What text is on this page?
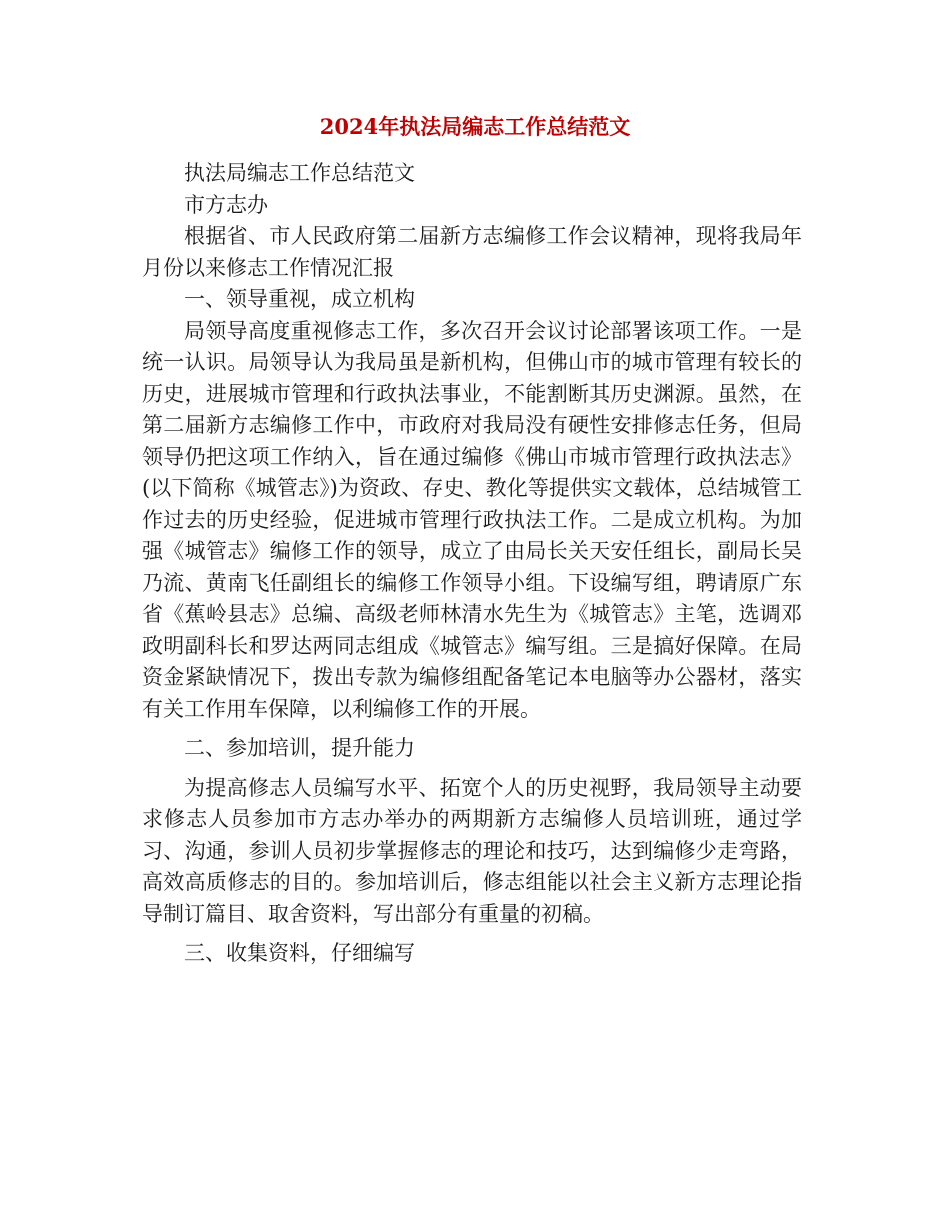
2024年执法局编志工作总结范文

执法局编志工作总结范文

市方志办

根据省、市人民政府第二届新方志编修工作会议精神，现将我局年 月份以来修志工作情况汇报

一、领导重视，成立机构

局领导高度重视修志工作，多次召开会议讨论部署该项工作。一是统一认识。局领导认为我局虽是新机构，但佛山市的城市管理有较长的历史，进展城市管理和行政执法事业，不能割断其历史渊源。虽然，在第二届新方志编修工作中，市政府对我局没有硬性安排修志任务，但局领导仍把这项工作纳入，旨在通过编修《佛山市城市管理行政执法志》(以下简称《城管志》)为资政、存史、教化等提供实文载体，总结城管工作过去的历史经验，促进城市管理行政执法工作。二是成立机构。为加强《城管志》编修工作的领导，成立了由局长关天安任组长，副局长吴乃流、黄南飞任副组长的编修工作领导小组。下设编写组，聘请原广东省《蕉岭县志》总编、高级老师林清水先生为《城管志》主笔，选调邓政明副科长和罗达两同志组成《城管志》编写组。三是搞好保障。在局资金紧缺情况下，拨出专款为编修组配备笔记本电脑等办公器材，落实有关工作用车保障，以利编修工作的开展。

二、参加培训，提升能力

为提高修志人员编写水平、拓宽个人的历史视野，我局领导主动要求修志人员参加市方志办举办的两期新方志编修人员培训班，通过学习、沟通，参训人员初步掌握修志的理论和技巧，达到编修少走弯路，高效高质修志的目的。参加培训后，修志组能以社会主义新方志理论指导制订篇目、取舍资料，写出部分有重量的初稿。

三、收集资料，仔细编写
